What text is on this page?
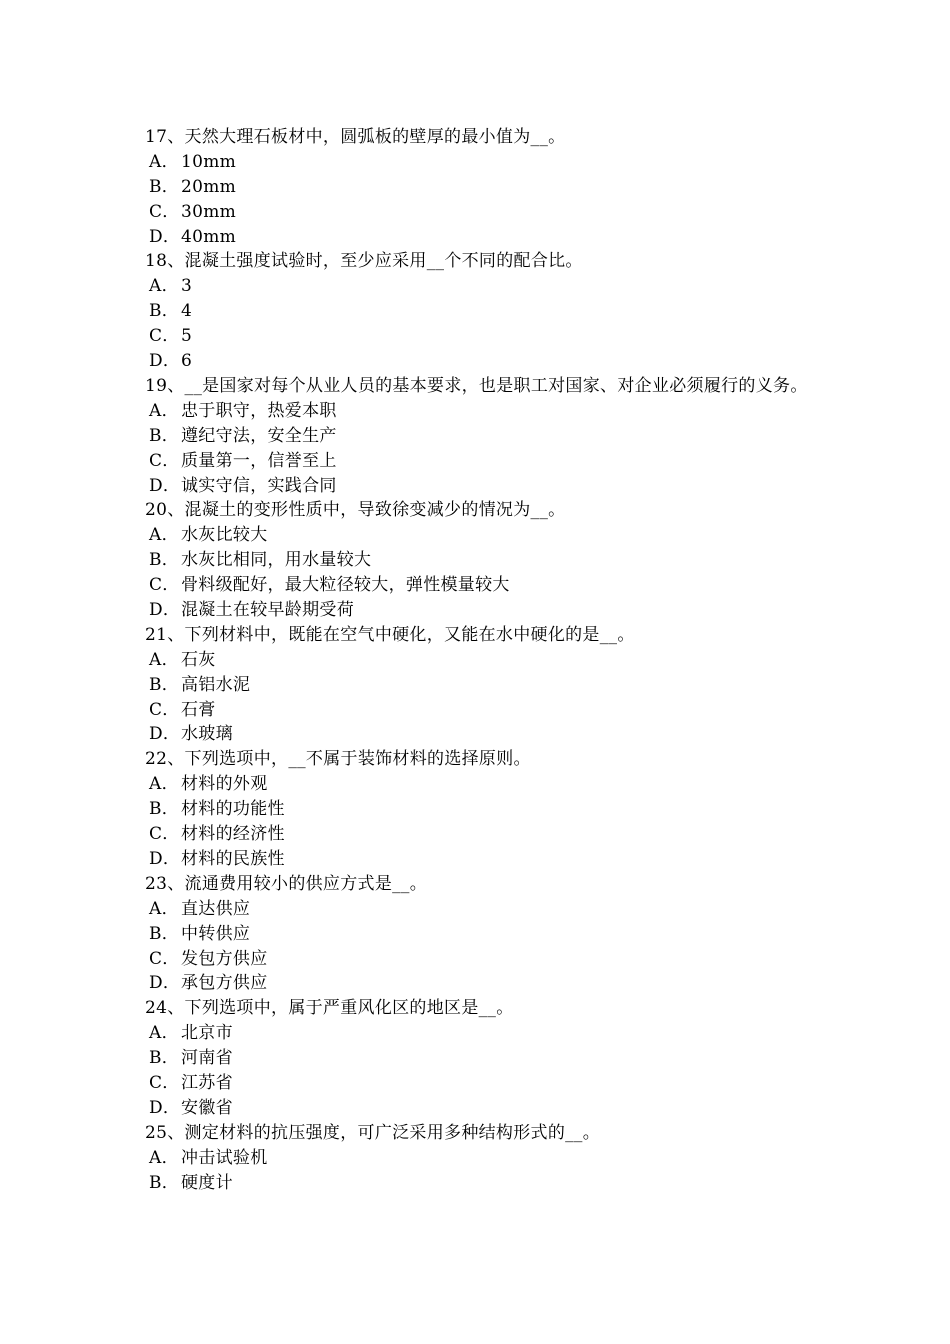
17、天然大理石板材中，圆弧板的壁厚的最小值为__。
A． 10mm
B． 20mm
C．30mm
D．40mm
18、混凝土强度试验时，至少应采用__个不同的配合比。
A． 3
B． 4
C．5
D．6
19、__是国家对每个从业人员的基本要求，也是职工对国家、对企业必须履行的义务。
A． 忠于职守，热爱本职
B． 遵纪守法，安全生产
C．质量第一，信誉至上
D．诚实守信，实践合同
20、混凝土的变形性质中，导致徐变减少的情况为__。
A． 水灰比较大
B． 水灰比相同，用水量较大
C．骨料级配好，最大粒径较大，弹性模量较大
D．混凝土在较早龄期受荷
21、下列材料中，既能在空气中硬化，又能在水中硬化的是__。
A． 石灰
B． 高铝水泥
C．石膏
D．水玻璃
22、下列选项中，__不属于装饰材料的选择原则。
A． 材料的外观
B． 材料的功能性
C．材料的经济性
D．材料的民族性
23、流通费用较小的供应方式是__。
A． 直达供应
B． 中转供应
C．发包方供应
D．承包方供应
24、下列选项中，属于严重风化区的地区是__。
A． 北京市
B． 河南省
C．江苏省
D．安徽省
25、测定材料的抗压强度，可广泛采用多种结构形式的__。
A． 冲击试验机
B． 硬度计
